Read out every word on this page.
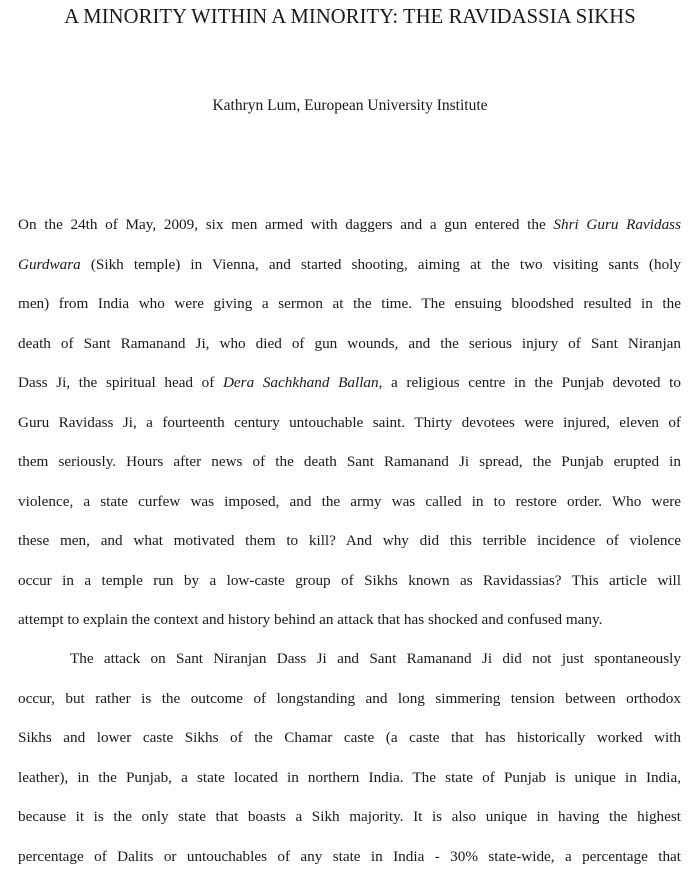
A MINORITY WITHIN A MINORITY: THE RAVIDASSIA SIKHS

Kathryn Lum, European University Institute

On the 24th of May, 2009, six men armed with daggers and a gun entered the Shri Guru Ravidass
Gurdwara (Sikh temple) in Vienna, and started shooting, aiming at the two visiting sants (holy
men) from India who were giving a sermon at the time. The ensuing bloodshed resulted in the
death of Sant Ramanand Ji, who died of gun wounds, and the serious injury of Sant Niranjan
Dass Ji, the spiritual head of Dera Sachkhand Ballan, a religious centre in the Punjab devoted to
Guru Ravidass Ji, a fourteenth century untouchable saint. Thirty devotees were injured, eleven of
them seriously. Hours after news of the death Sant Ramanand Ji spread, the Punjab erupted in
violence, a state curfew was imposed, and the army was called in to restore order. Who were
these men, and what motivated them to kill? And why did this terrible incidence of violence
occur in a temple run by a low-caste group of Sikhs known as Ravidassias? This article will
attempt to explain the context and history behind an attack that has shocked and confused many.
The attack on Sant Niranjan Dass Ji and Sant Ramanand Ji did not just spontaneously
occur, but rather is the outcome of longstanding and long simmering tension between orthodox
Sikhs and lower caste Sikhs of the Chamar caste (a caste that has historically worked with
leather), in the Punjab, a state located in northern India. The state of Punjab is unique in India,
because it is the only state that boasts a Sikh majority. It is also unique in having the highest
percentage of Dalits or untouchables of any state in India - 30% state-wide, a percentage that
